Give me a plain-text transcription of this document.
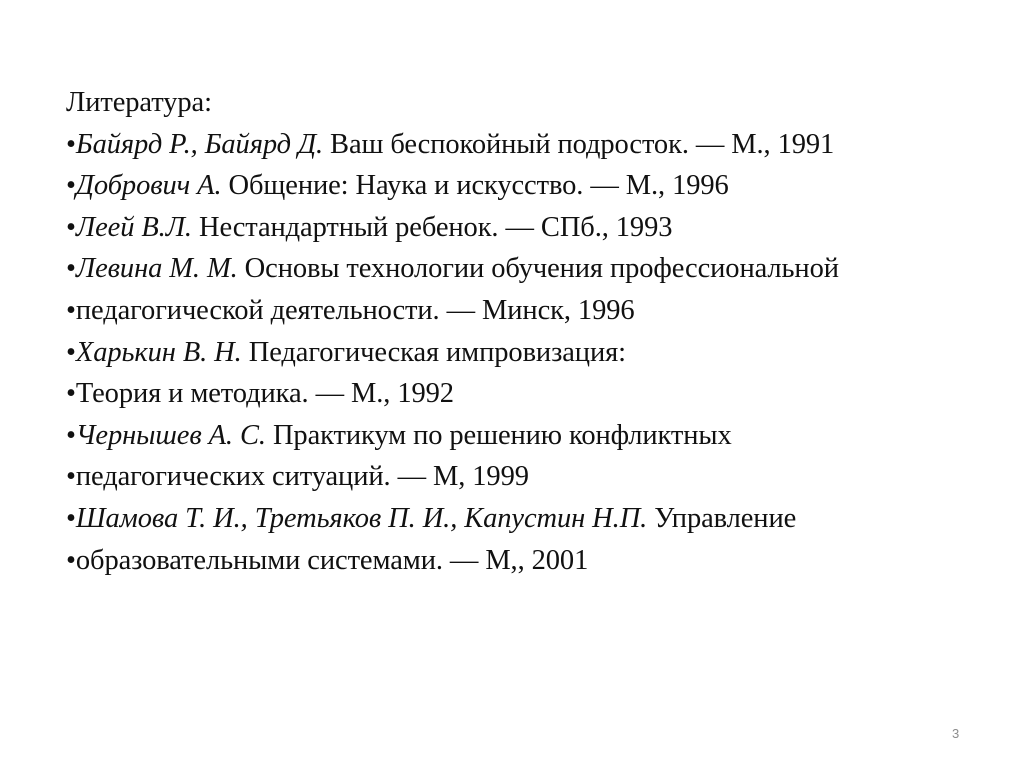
Литература:
•Байярд Р., Байярд Д. Ваш беспокойный подросток. — М., 1991
•Добрович А. Общение: Наука и искусство. — М., 1996
•Леей В.Л. Нестандартный ребенок. — СПб., 1993
•Левина М. М. Основы технологии обучения профессиональной
•педагогической деятельности. — Минск, 1996
•Харькин В. Н. Педагогическая импровизация:
•Теория и методика. — М., 1992
•Чернышев А. С. Практикум по решению конфликтных
•педагогических ситуаций. — М, 1999
•Шамова Т. И., Третьяков П. И., Капустин Н.П. Управление
•образовательными системами. — М,, 2001
3
